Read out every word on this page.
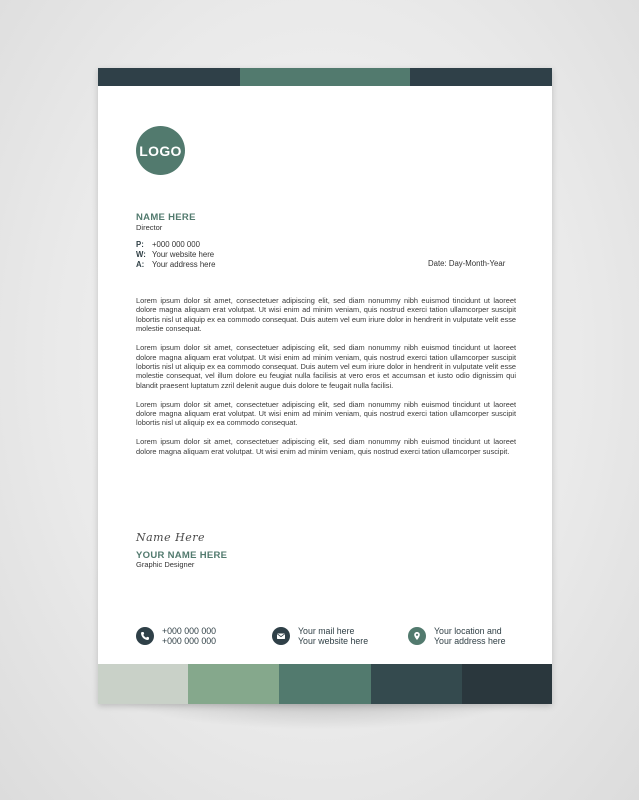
LOGO
NAME HERE
Director
P:	+000 000 000
W: Your website here
A: Your address here	Date: Day-Month-Year

Lorem ipsum dolor sit amet, consectetuer adipiscing elit, sed diam nonummy nibh euismod tincidunt ut laoreet dolore magna aliquam erat volutpat. Ut wisi enim ad minim veniam, quis nostrud exerci tation ullamcorper suscipit lobortis nisl ut aliquip ex ea commodo consequat. Duis autem vel eum iriure dolor in hendrerit in vulputate velit esse molestie consequat.

Lorem ipsum dolor sit amet, consectetuer adipiscing elit, sed diam nonummy nibh euismod tincidunt ut laoreet dolore magna aliquam erat volutpat. Ut wisi enim ad minim veniam, quis nostrud exerci tation ullamcorper suscipit lobortis nisl ut aliquip ex ea commodo consequat. Duis autem vel eum iriure dolor in hendrerit in vulputate velit esse molestie consequat, vel illum dolore eu feugiat nulla facilisis at vero eros et accumsan et iusto odio dignissim qui blandit praesent luptatum zzril delenit augue duis dolore te feugait nulla facilisi.

Lorem ipsum dolor sit amet, consectetuer adipiscing elit, sed diam nonummy nibh euismod tincidunt ut laoreet dolore magna aliquam erat volutpat. Ut wisi enim ad minim veniam, quis nostrud exerci tation ullamcorper suscipit lobortis nisl ut aliquip ex ea commodo consequat.

Lorem ipsum dolor sit amet, consectetuer adipiscing elit, sed diam nonummy nibh euismod tincidunt ut laoreet dolore magna aliquam erat volutpat. Ut wisi enim ad minim veniam, quis nostrud exerci tation ullamcorper suscipit.

Name Here
YOUR NAME HERE
Graphic Designer
+000 000 000
+000 000 000
Your mail here
Your website here
Your location and
Your address here
